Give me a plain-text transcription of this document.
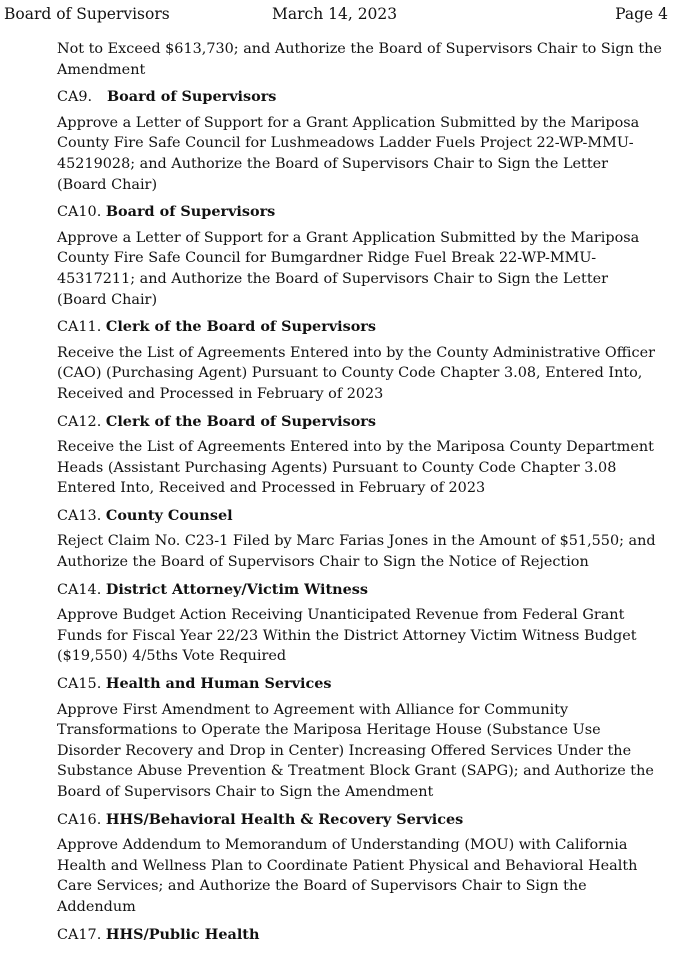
Board of Supervisors	March 14, 2023	Page 4

Not to Exceed $613,730; and Authorize the Board of Supervisors Chair to Sign the Amendment

CA9. Board of Supervisors

Approve a Letter of Support for a Grant Application Submitted by the Mariposa County Fire Safe Council for Lushmeadows Ladder Fuels Project 22-WP-MMU-45219028; and Authorize the Board of Supervisors Chair to Sign the Letter (Board Chair)

CA10. Board of Supervisors

Approve a Letter of Support for a Grant Application Submitted by the Mariposa County Fire Safe Council for Bumgardner Ridge Fuel Break 22-WP-MMU-45317211; and Authorize the Board of Supervisors Chair to Sign the Letter (Board Chair)

CA11. Clerk of the Board of Supervisors

Receive the List of Agreements Entered into by the County Administrative Officer (CAO) (Purchasing Agent) Pursuant to County Code Chapter 3.08, Entered Into, Received and Processed in February of 2023

CA12. Clerk of the Board of Supervisors

Receive the List of Agreements Entered into by the Mariposa County Department Heads (Assistant Purchasing Agents) Pursuant to County Code Chapter 3.08 Entered Into, Received and Processed in February of 2023

CA13. County Counsel

Reject Claim No. C23-1 Filed by Marc Farias Jones in the Amount of $51,550; and Authorize the Board of Supervisors Chair to Sign the Notice of Rejection

CA14. District Attorney/Victim Witness

Approve Budget Action Receiving Unanticipated Revenue from Federal Grant Funds for Fiscal Year 22/23 Within the District Attorney Victim Witness Budget ($19,550) 4/5ths Vote Required

CA15. Health and Human Services

Approve First Amendment to Agreement with Alliance for Community Transformations to Operate the Mariposa Heritage House (Substance Use Disorder Recovery and Drop in Center) Increasing Offered Services Under the Substance Abuse Prevention & Treatment Block Grant (SAPG); and Authorize the Board of Supervisors Chair to Sign the Amendment

CA16. HHS/Behavioral Health & Recovery Services

Approve Addendum to Memorandum of Understanding (MOU) with California Health and Wellness Plan to Coordinate Patient Physical and Behavioral Health Care Services; and Authorize the Board of Supervisors Chair to Sign the Addendum

CA17. HHS/Public Health
